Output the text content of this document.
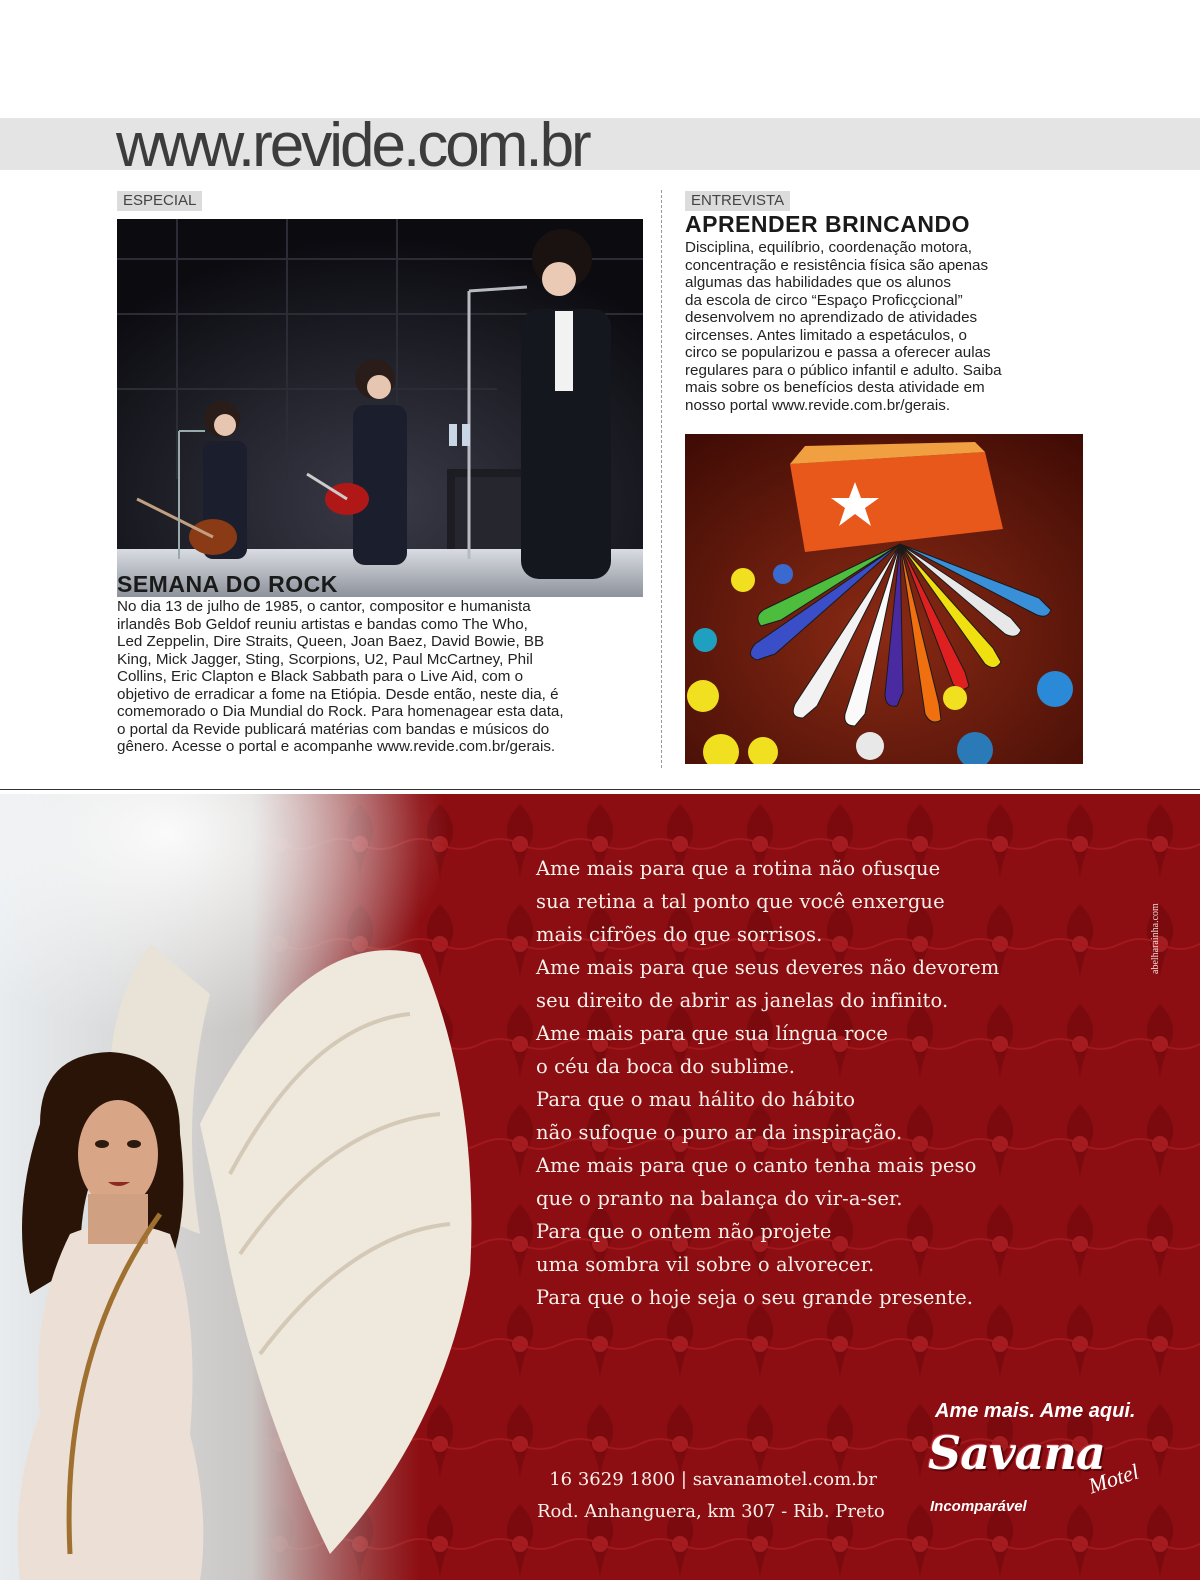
www.revide.com.br
ESPECIAL
SEMANA DO ROCK
No dia 13 de julho de 1985, o cantor, compositor e humanista
irlandês Bob Geldof reuniu artistas e bandas como The Who,
Led Zeppelin, Dire Straits, Queen, Joan Baez, David Bowie, BB
King, Mick Jagger, Sting, Scorpions, U2, Paul McCartney, Phil
Collins, Eric Clapton e Black Sabbath para o Live Aid, com o
objetivo de erradicar a fome na Etiópia. Desde então, neste dia, é
comemorado o Dia Mundial do Rock. Para homenagear esta data,
o portal da Revide publicará matérias com bandas e músicos do
gênero. Acesse o portal e acompanhe www.revide.com.br/gerais.
ENTREVISTA
APRENDER BRINCANDO
Disciplina, equilíbrio, coordenação motora,
concentração e resistência física são apenas
algumas das habilidades que os alunos
da escola de circo “Espaço Proficçcional”
desenvolvem no aprendizado de atividades
circenses. Antes limitado a espetáculos, o
circo se popularizou e passa a oferecer aulas
regulares para o público infantil e adulto. Saiba
mais sobre os benefícios desta atividade em
nosso portal www.revide.com.br/gerais.
abelharainha.com
Ame mais para que a rotina não ofusque
sua retina a tal ponto que você enxergue
mais cifrões do que sorrisos.
Ame mais para que seus deveres não devorem
seu direito de abrir as janelas do infinito.
Ame mais para que sua língua roce
o céu da boca do sublime.
Para que o mau hálito do hábito
não sufoque o puro ar da inspiração.
Ame mais para que o canto tenha mais peso
que o pranto na balança do vir-a-ser.
Para que o ontem não projete
uma sombra vil sobre o alvorecer.
Para que o hoje seja o seu grande presente.
Ame mais. Ame aqui.
16 3629 1800 | savanamotel.com.br
Rod. Anhanguera, km 307 - Rib. Preto
Savana
Motel
Incomparável
